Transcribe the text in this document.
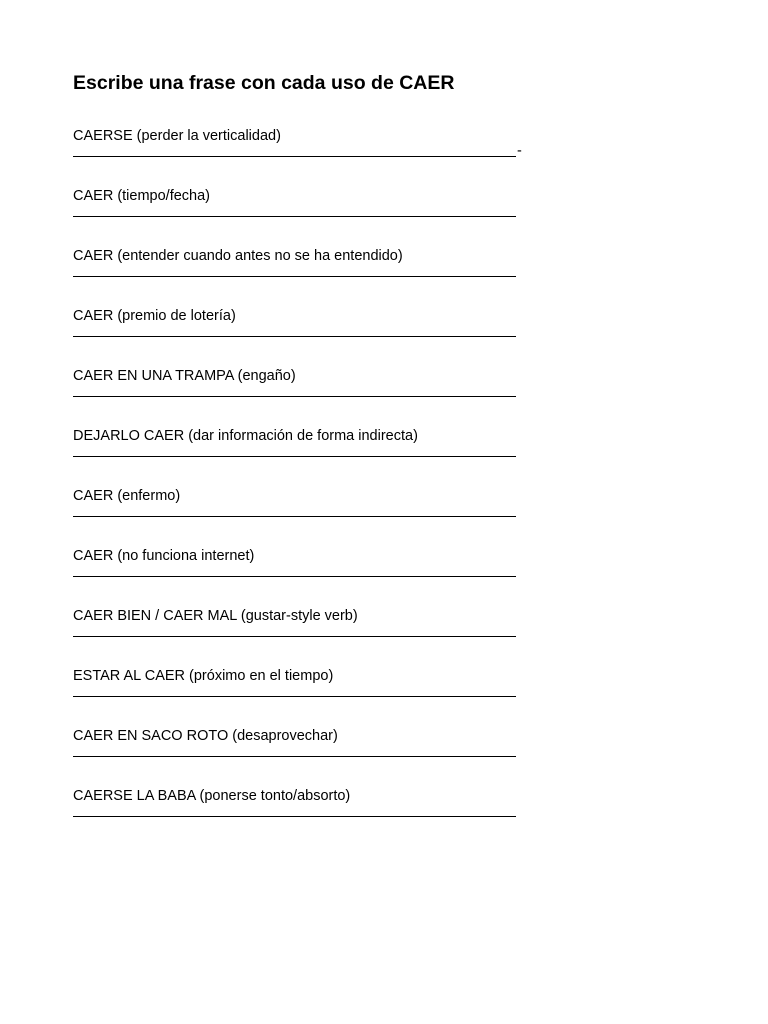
Escribe una frase con cada uso de CAER
CAERSE (perder la verticalidad)
-
CAER (tiempo/fecha)
CAER (entender cuando antes no se ha entendido)
CAER (premio de lotería)
CAER EN UNA TRAMPA (engaño)
DEJARLO CAER (dar información de forma indirecta)
CAER (enfermo)
CAER (no funciona internet)
CAER BIEN / CAER MAL (gustar-style verb)
ESTAR AL CAER (próximo en el tiempo)
CAER EN SACO ROTO (desaprovechar)
CAERSE LA BABA (ponerse tonto/absorto)
